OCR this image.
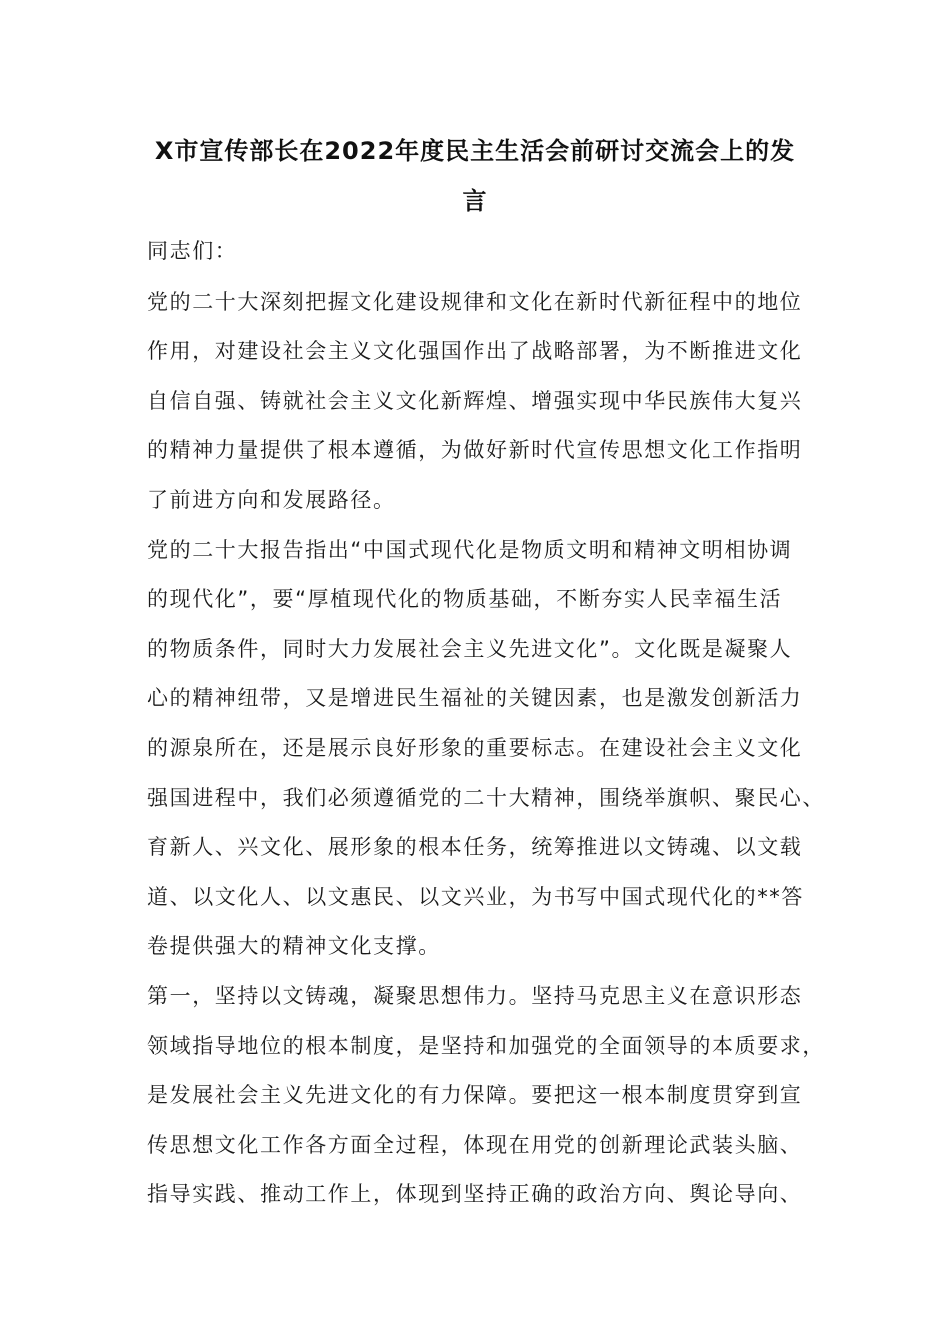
X市宣传部长在2022年度民主生活会前研讨交流会上的发
言

同志们：

党的二十大深刻把握文化建设规律和文化在新时代新征程中的地位

作用，对建设社会主义文化强国作出了战略部署，为不断推进文化

自信自强、铸就社会主义文化新辉煌、增强实现中华民族伟大复兴

的精神力量提供了根本遵循，为做好新时代宣传思想文化工作指明

了前进方向和发展路径。

党的二十大报告指出“中国式现代化是物质文明和精神文明相协调

的现代化”，要“厚植现代化的物质基础，不断夯实人民幸福生活

的物质条件，同时大力发展社会主义先进文化”。文化既是凝聚人

心的精神纽带，又是增进民生福祉的关键因素，也是激发创新活力

的源泉所在，还是展示良好形象的重要标志。在建设社会主义文化

强国进程中，我们必须遵循党的二十大精神，围绕举旗帜、聚民心、

育新人、兴文化、展形象的根本任务，统筹推进以文铸魂、以文载

道、以文化人、以文惠民、以文兴业，为书写中国式现代化的**答

卷提供强大的精神文化支撑。

第一，坚持以文铸魂，凝聚思想伟力。坚持马克思主义在意识形态

领域指导地位的根本制度，是坚持和加强党的全面领导的本质要求，

是发展社会主义先进文化的有力保障。要把这一根本制度贯穿到宣

传思想文化工作各方面全过程，体现在用党的创新理论武装头脑、

指导实践、推动工作上，体现到坚持正确的政治方向、舆论导向、
